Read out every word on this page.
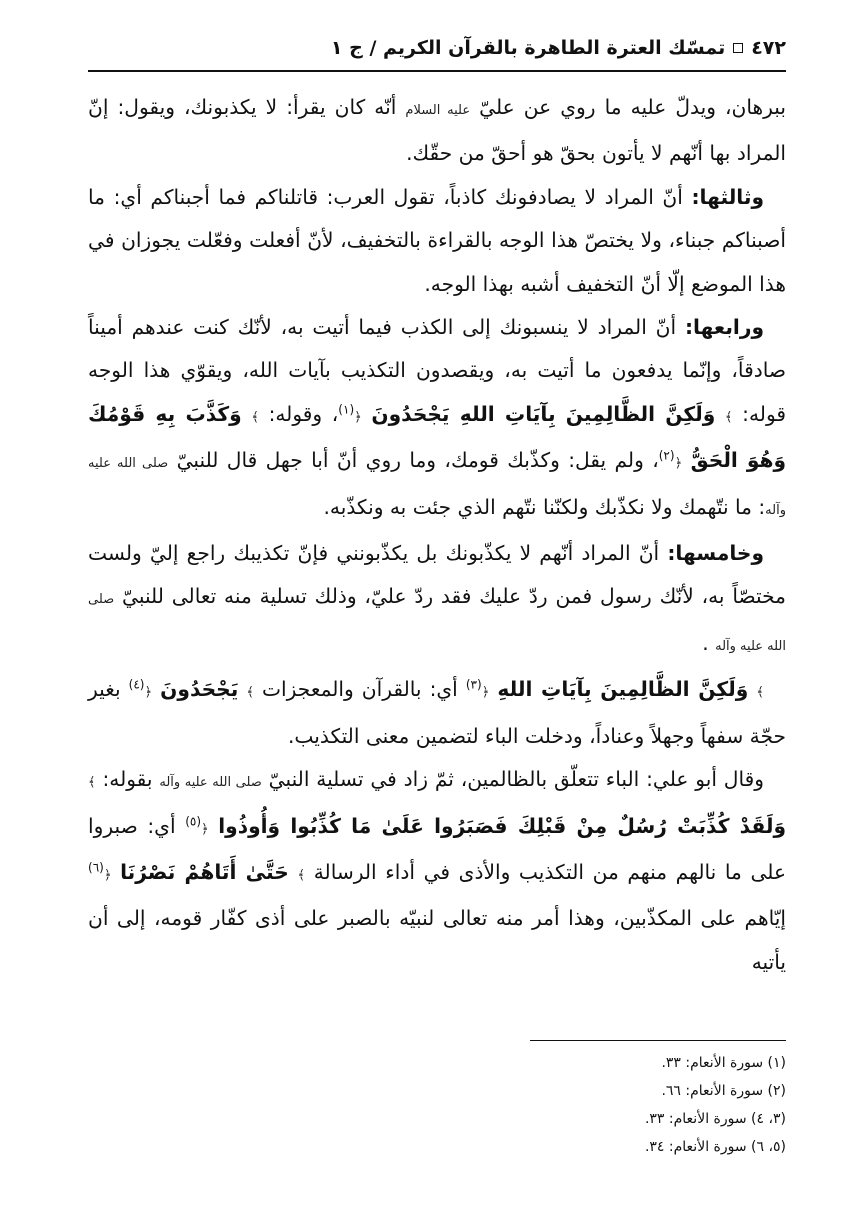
٤٧٢
تمسّك العترة الطاهرة بالقرآن الكريم / ج ١

ببرهان، ويدلّ عليه ما روي عن عليّ عليه السلام أنّه كان يقرأ: لا يكذبونك، ويقول: إنّ المراد بها أنّهم لا يأتون بحقّ هو أحقّ من حقّك.

وثالثها: أنّ المراد لا يصادفونك كاذباً، تقول العرب: قاتلناكم فما أجبناكم أي: ما أصبناكم جبناء، ولا يختصّ هذا الوجه بالقراءة بالتخفيف، لأنّ أفعلت وفعّلت يجوزان في هذا الموضع إلّا أنّ التخفيف أشبه بهذا الوجه.

ورابعها: أنّ المراد لا ينسبونك إلى الكذب فيما أتيت به، لأنّك كنت عندهم أميناً صادقاً، وإنّما يدفعون ما أتيت به، ويقصدون التكذيب بآيات الله، ويقوّي هذا الوجه قوله: ﴾ وَلَكِنَّ الظَّالِمِينَ بِآيَاتِ اللهِ يَجْحَدُونَ ﴿$^{(١)}$، وقوله: ﴾ وَكَذَّبَ بِهِ قَوْمُكَ وَهُوَ الْحَقُّ ﴿$^{(٢)}$، ولم يقل: وكذّبك قومك، وما روي أنّ أبا جهل قال للنبيّ صلى الله عليه وآله: ما نتّهمك ولا نكذّبك ولكنّنا نتّهم الذي جئت به ونكذّبه.

وخامسها: أنّ المراد أنّهم لا يكذّبونك بل يكذّبونني فإنّ تكذيبك راجع إليّ ولست مختصّاً به، لأنّك رسول فمن ردّ عليك فقد ردّ عليّ، وذلك تسلية منه تعالى للنبيّ صلى الله عليه وآله .

﴾ وَلَكِنَّ الظَّالِمِينَ بِآيَاتِ اللهِ ﴿$^{(٣)}$ أي: بالقرآن والمعجزات ﴾ يَجْحَدُونَ ﴿$^{(٤)}$ بغير حجّة سفهاً وجهلاً وعناداً، ودخلت الباء لتضمين معنى التكذيب.

وقال أبو علي: الباء تتعلّق بالظالمين، ثمّ زاد في تسلية النبيّ صلى الله عليه وآله بقوله: ﴾ وَلَقَدْ كُذِّبَتْ رُسُلٌ مِنْ قَبْلِكَ فَصَبَرُوا عَلَىٰ مَا كُذِّبُوا وَأُوذُوا ﴿$^{(٥)}$ أي: صبروا على ما نالهم منهم من التكذيب والأذى في أداء الرسالة ﴾ حَتَّىٰ أَتَاهُمْ نَصْرُنَا ﴿$^{(٦)}$ إيّاهم على المكذّبين، وهذا أمر منه تعالى لنبيّه بالصبر على أذى كفّار قومه، إلى أن يأتيه

(١) سورة الأنعام: ٣٣.
(٢) سورة الأنعام: ٦٦.
(٣، ٤) سورة الأنعام: ٣٣.
(٥، ٦) سورة الأنعام: ٣٤.
